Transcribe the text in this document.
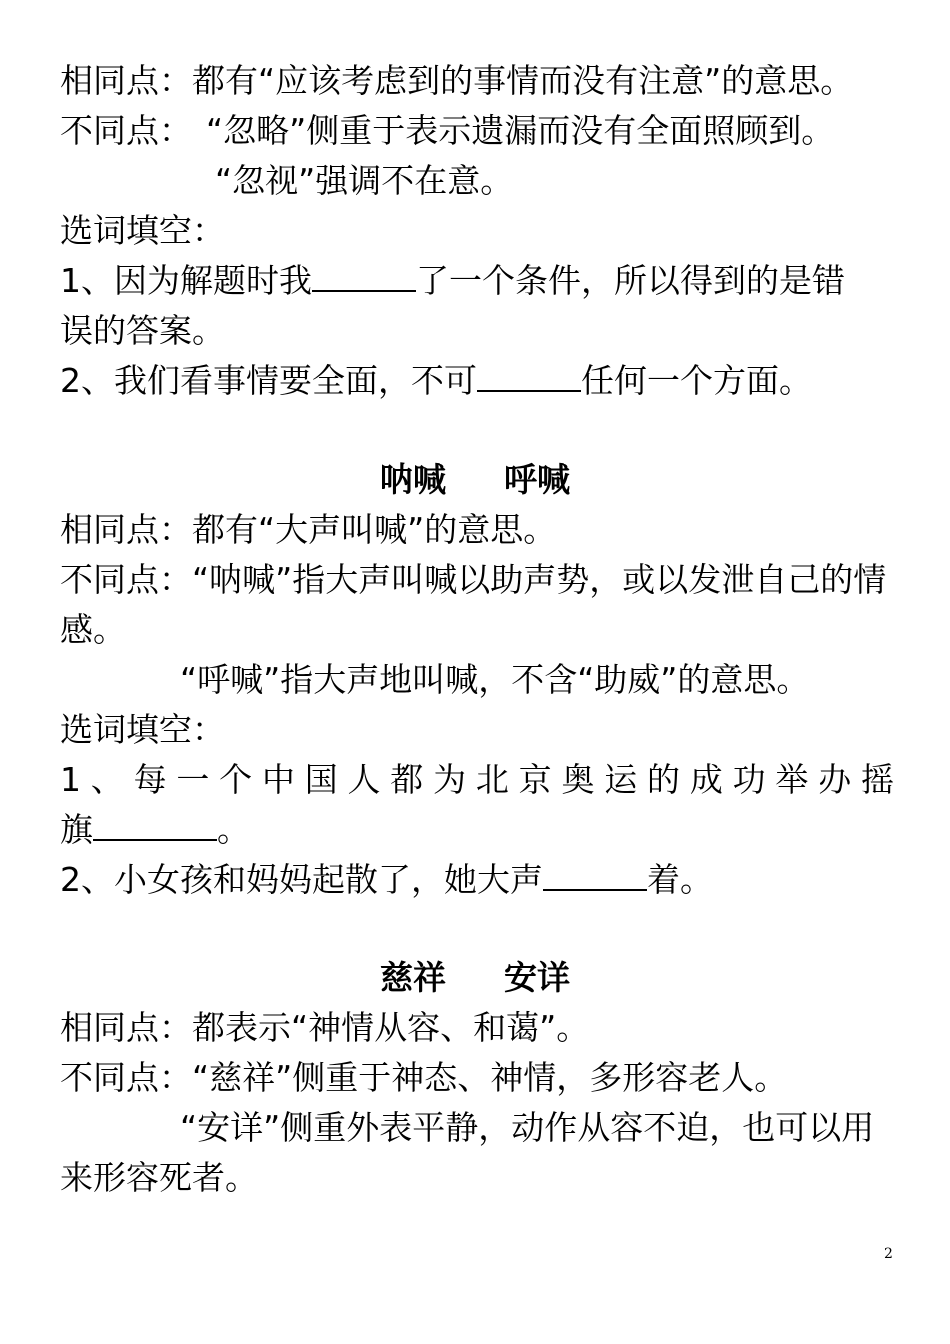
相同点：都有“应该考虑到的事情而没有注意”的意思。
不同点： “忽略”侧重于表示遗漏而没有全面照顾到。
“忽视”强调不在意。
选词填空：
1、因为解题时我	了一个条件，所以得到的是错
误的答案。
2、我们看事情要全面，不可	任何一个方面。
呐喊 呼喊
相同点：都有“大声叫喊”的意思。
不同点：“呐喊”指大声叫喊以助声势，或以发泄自己的情
感。
“呼喊”指大声地叫喊，不含“助威”的意思。
选词填空：
1、每一个中国人都为北京奥运的成功举办摇
旗	。
2、小女孩和妈妈起散了，她大声	着。
慈祥 安详
相同点：都表示“神情从容、和蔼”。
不同点：“慈祥”侧重于神态、神情，多形容老人。
“安详”侧重外表平静，动作从容不迫，也可以用
来形容死者。
2
